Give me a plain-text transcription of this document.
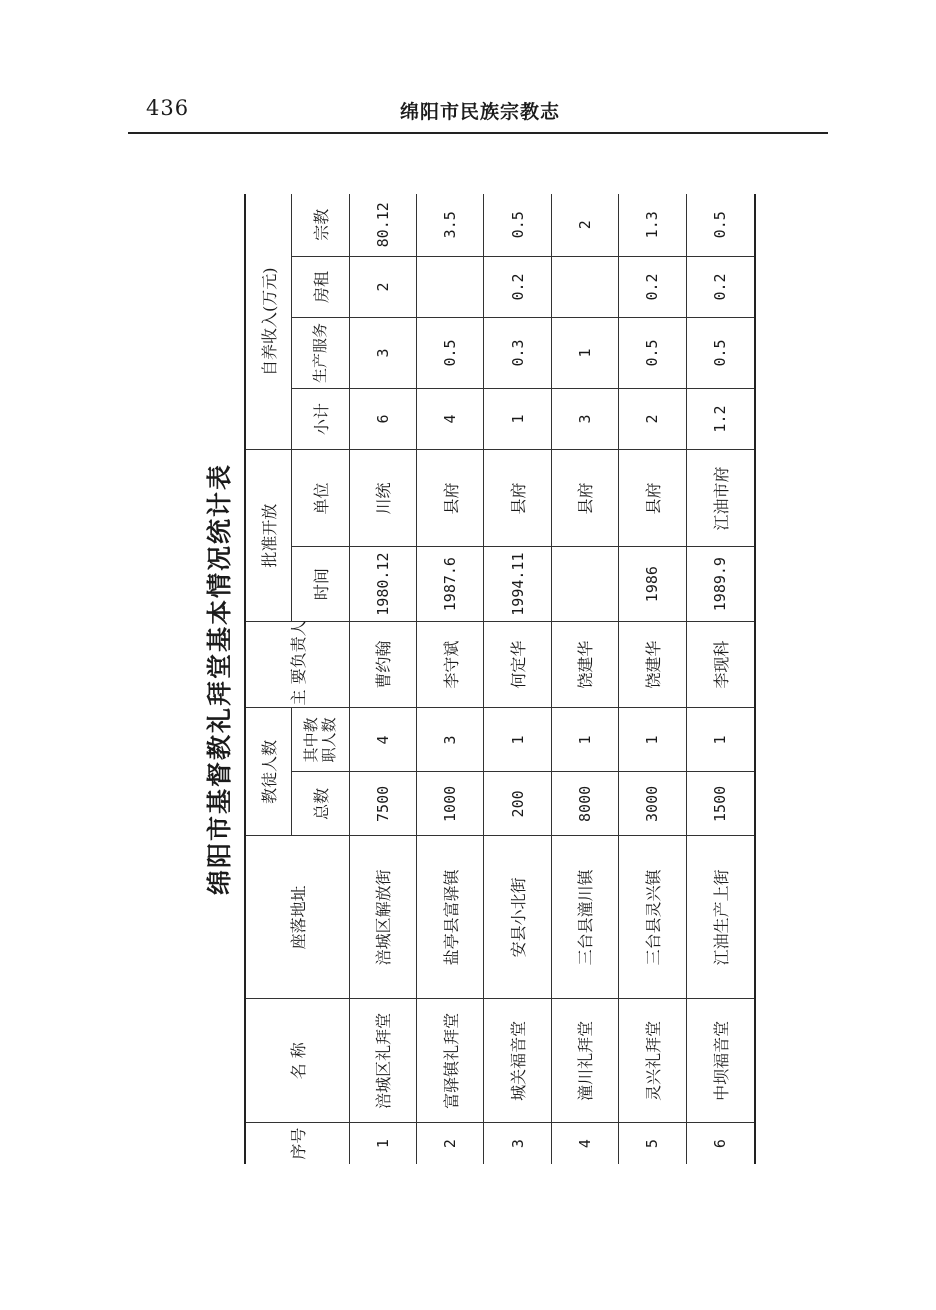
436	绵阳市民族宗教志
绵阳市基督教礼拜堂基本情况统计表
序号	名 称	座落地址	教徒人数		主 要负责人	批准开放		自养收入(万元)			
			总数	其中教职人数		时间	单位	小计	生产服务	房租	宗教
1	涪城区礼拜堂	涪城区解放街	7500	4	曹约翰	1980.12	川统	6	3	2	80.12
2	富驿镇礼拜堂	盐亭县富驿镇	1000	3	李守斌	1987.6	县府	4	0.5		3.5
3	城关福音堂	安县小北街	200	1	何定华	1994.11	县府	1	0.3	0.2	0.5
4	潼川礼拜堂	三台县潼川镇	8000	1	饶建华		县府	3	1		2
5	灵兴礼拜堂	三台县灵兴镇	3000	1	饶建华	1986	县府	2	0.5	0.2	1.3
6	中坝福音堂	江油生产上街	1500	1	李现科	1989.9	江油市府	1.2	0.5	0.2	0.5
